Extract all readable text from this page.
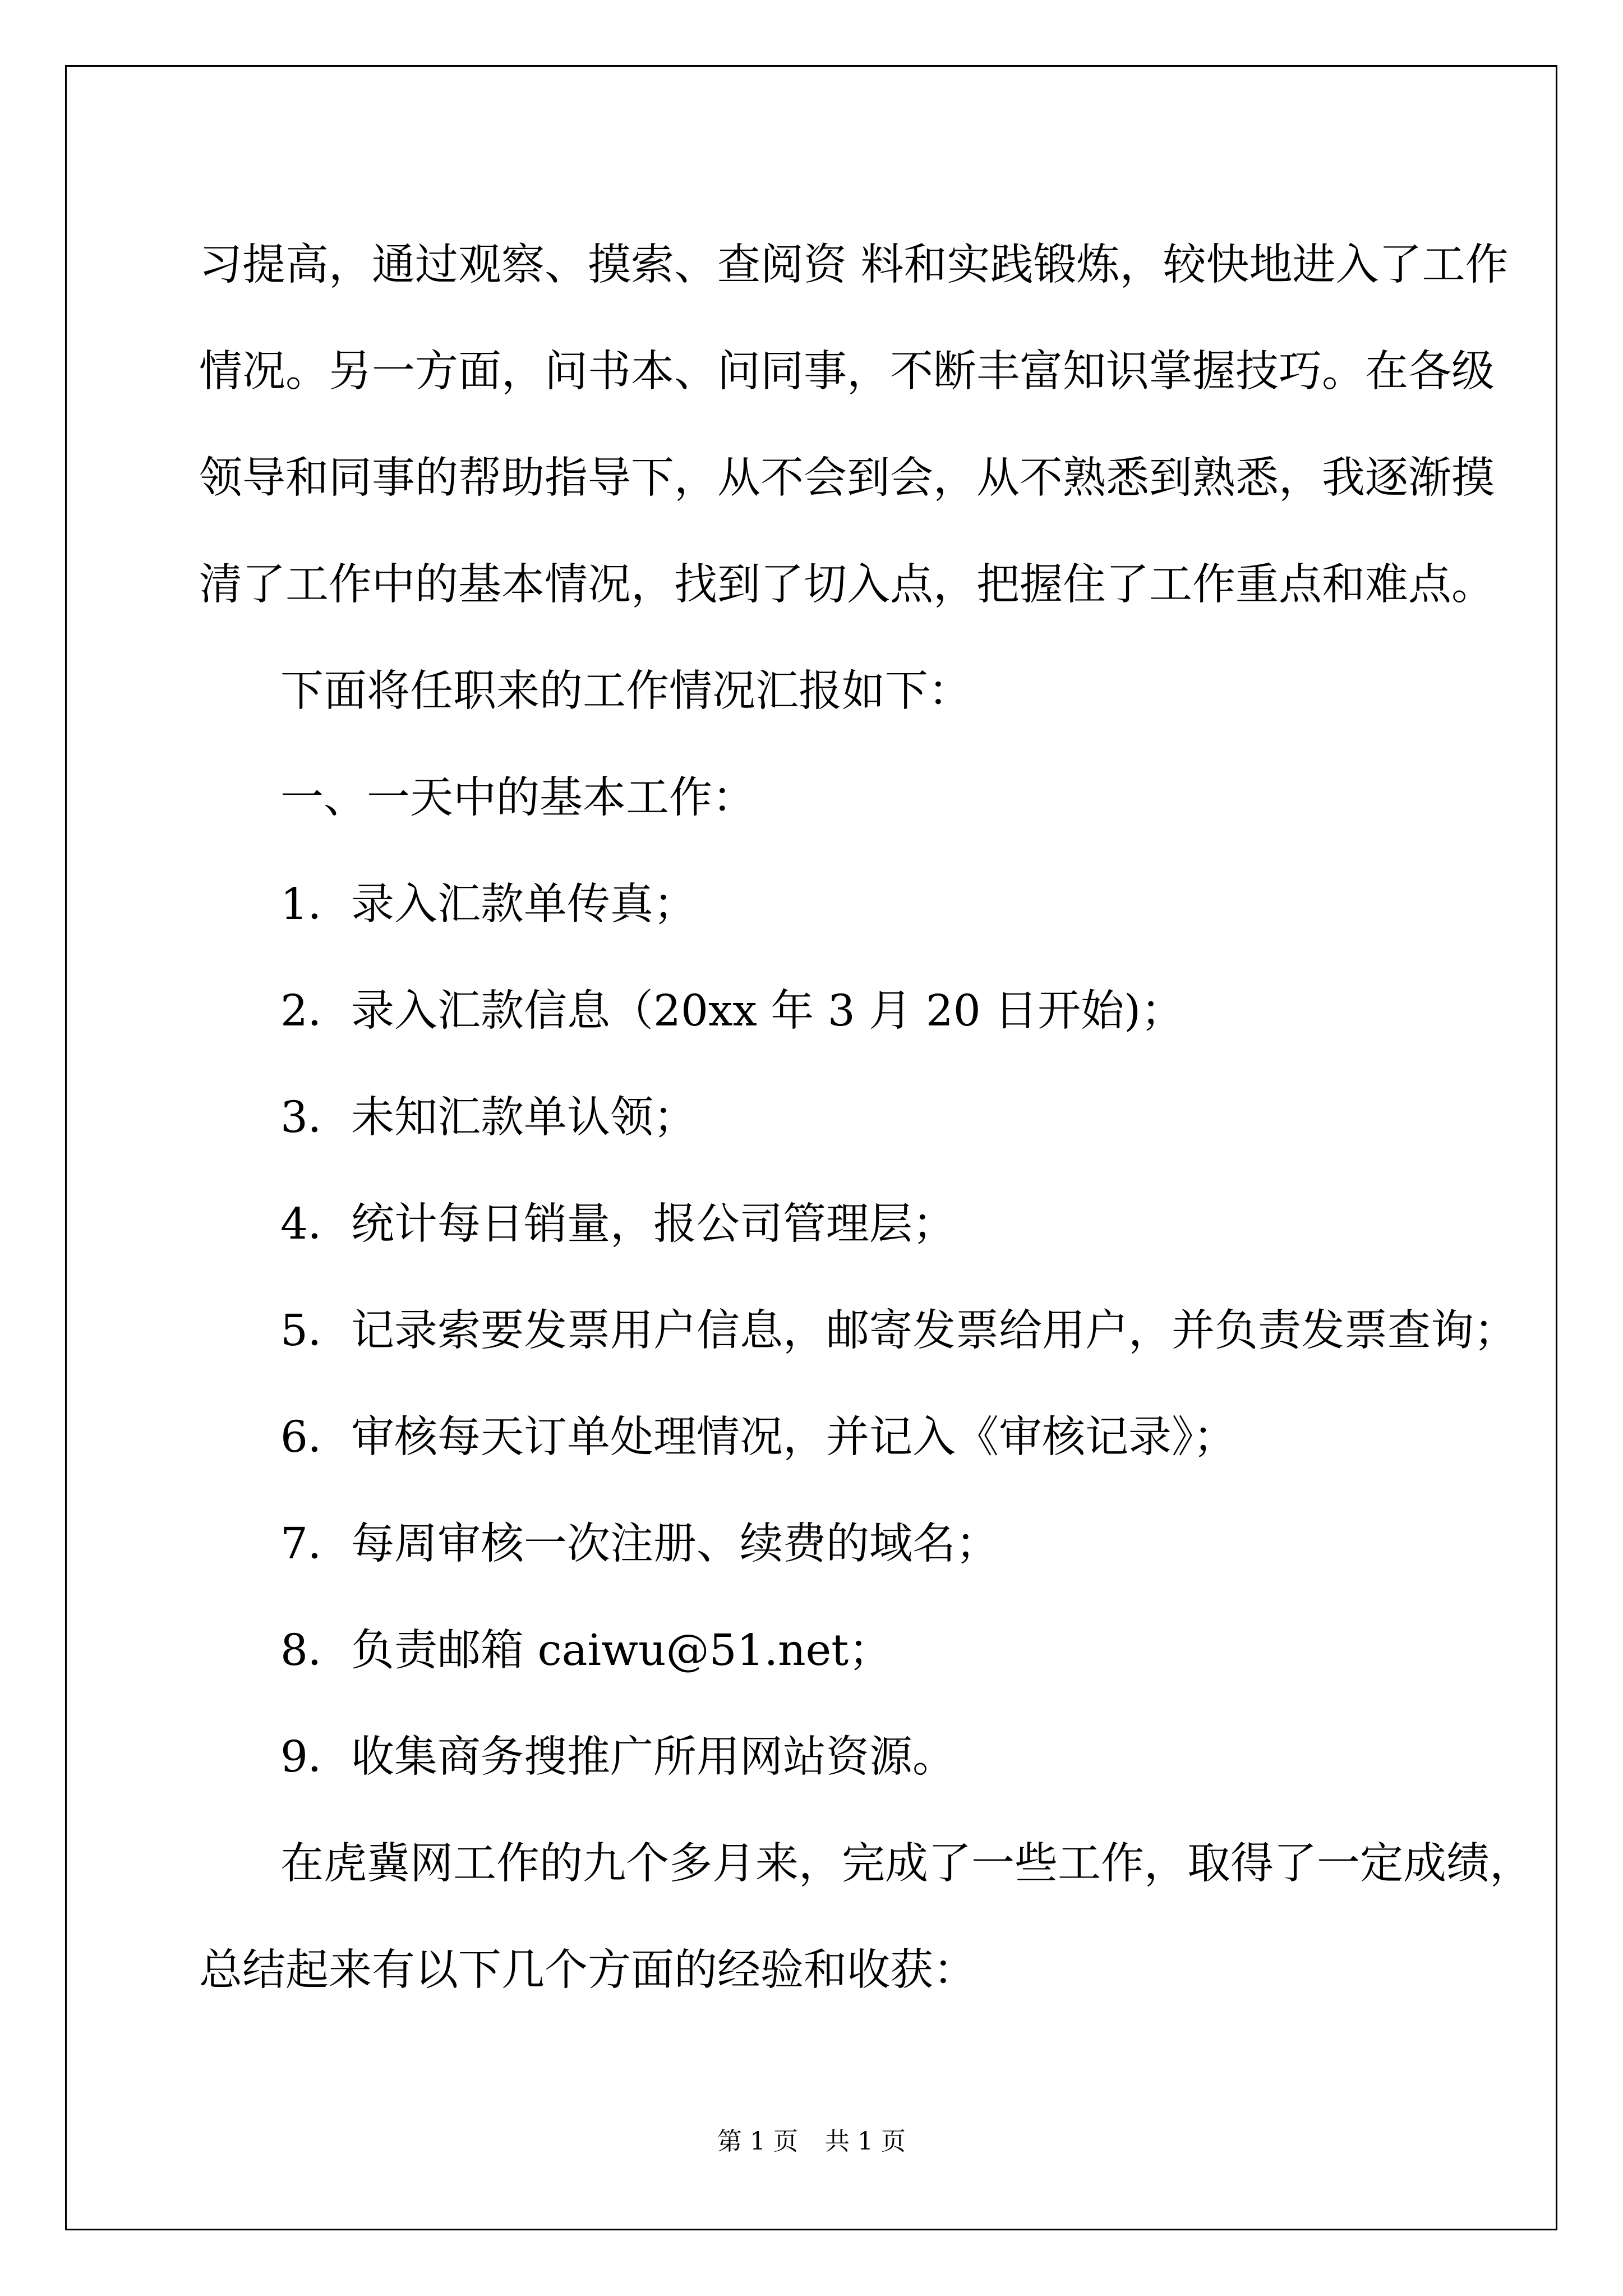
习提高，通过观察、摸索、查阅资 料和实践锻炼，较快地进入了工作

情况。另一方面，问书本、问同事，不断丰富知识掌握技巧。在各级

领导和同事的帮助指导下，从不会到会，从不熟悉到熟悉，我逐渐摸

清了工作中的基本情况，找到了切入点，把握住了工作重点和难点。

下面将任职来的工作情况汇报如下：

一、一天中的基本工作：

1．录入汇款单传真；

2．录入汇款信息（20xx 年 3 月 20 日开始)；

3．未知汇款单认领；

4．统计每日销量，报公司管理层；

5．记录索要发票用户信息，邮寄发票给用户，并负责发票查询；

6．审核每天订单处理情况，并记入《审核记录》；

7．每周审核一次注册、续费的域名；

8．负责邮箱 caiwu@51.net；

9．收集商务搜推广所用网站资源。

在虎冀网工作的九个多月来，完成了一些工作，取得了一定成绩，

总结起来有以下几个方面的经验和收获：

第 1 页 共 1 页
